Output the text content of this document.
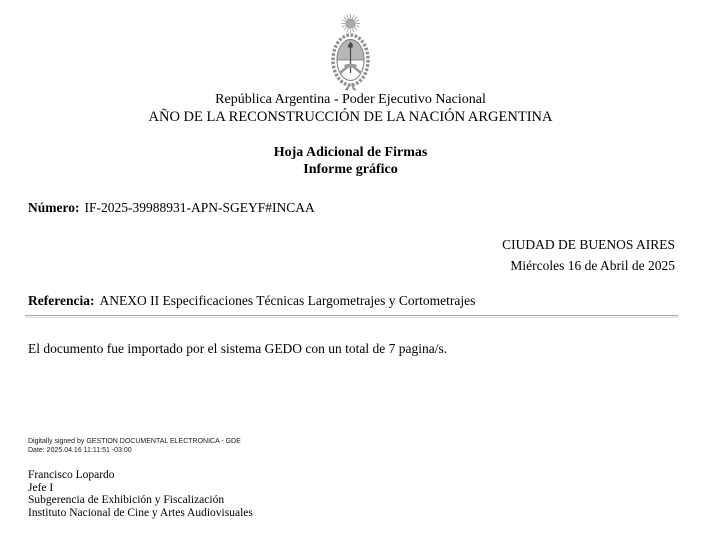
República Argentina - Poder Ejecutivo Nacional
AÑO DE LA RECONSTRUCCIÓN DE LA NACIÓN ARGENTINA
Hoja Adicional de Firmas
Informe gráfico
Número: IF-2025-39988931-APN-SGEYF#INCAA
CIUDAD DE BUENOS AIRES
Miércoles 16 de Abril de 2025
Referencia: ANEXO II Especificaciones Técnicas Largometrajes y Cortometrajes
El documento fue importado por el sistema GEDO con un total de 7 pagina/s.
Digitally signed by GESTION DOCUMENTAL ELECTRONICA - GDE
Date: 2025.04.16 11:11:51 -03:00
Francisco Lopardo
Jefe I
Subgerencia de Exhibición y Fiscalización
Instituto Nacional de Cine y Artes Audiovisuales
